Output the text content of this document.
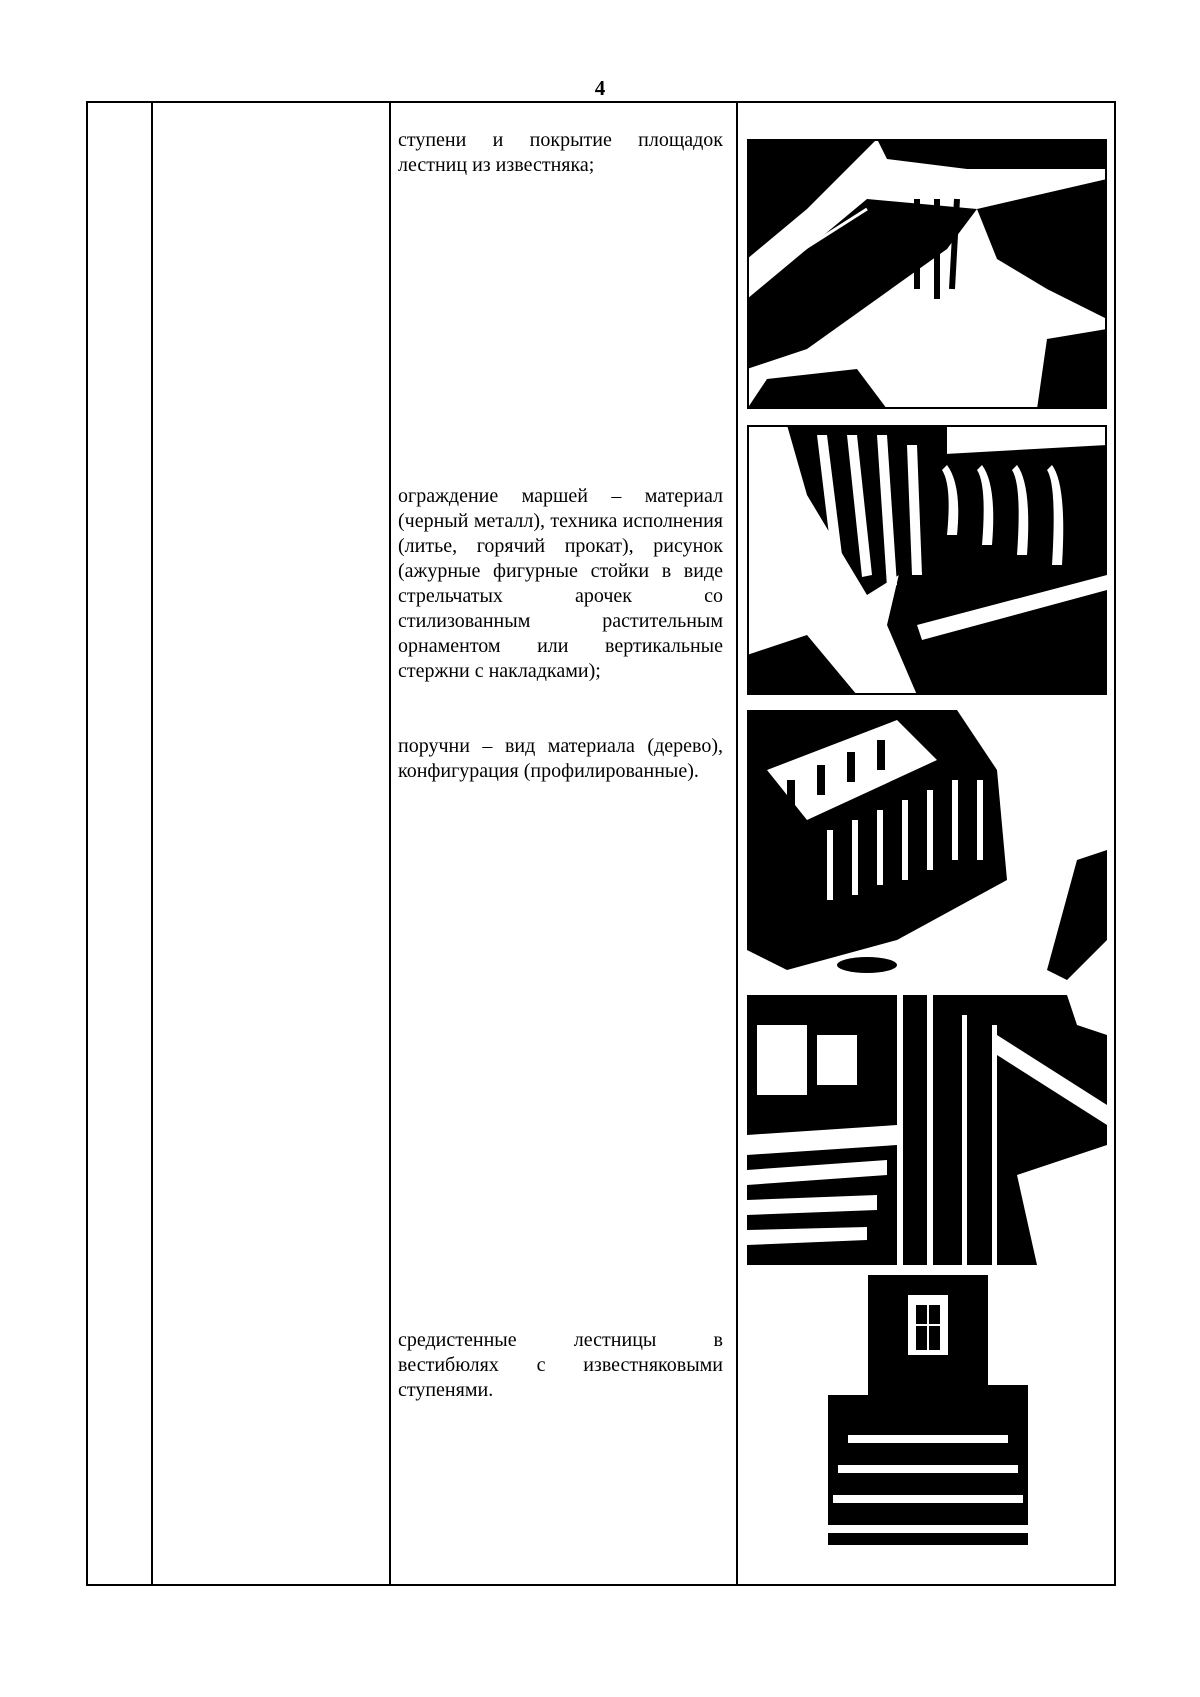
4
ступени и покрытие площадок лестниц из известняка;
ограждение маршей – материал (черный металл), техника исполнения (литье, горячий прокат), рисунок (ажурные фигурные стойки в виде стрельчатых арочек со стилизованным растительным орнаментом или вертикальные стержни с накладками);
поручни – вид материала (дерево), конфигурация (профилированные).
средистенные лестницы в вестибюлях с известняковыми ступенями.
